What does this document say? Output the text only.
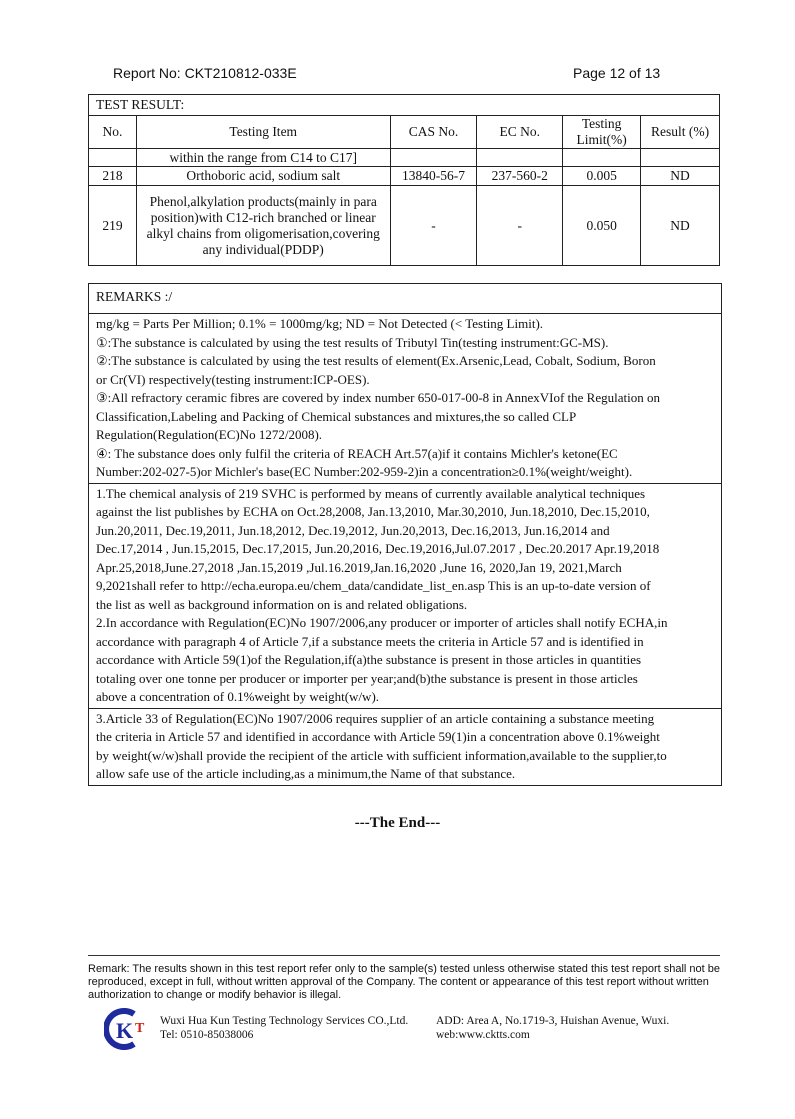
Report No: CKT210812-033E	Page 12 of 13
TEST RESULT:					
No.	Testing Item	CAS No.	EC No.	Testing Limit(%)	Result (%)
	within the range from C14 to C17]				
218	Orthoboric acid, sodium salt	13840-56-7	237-560-2	0.005	ND
219	Phenol,alkylation products(mainly in para position)with C12-rich branched or linear alkyl chains from oligomerisation,covering any individual(PDDP)	-	-	0.050	ND
REMARKS :/
mg/kg = Parts Per Million; 0.1% = 1000mg/kg; ND = Not Detected (< Testing Limit).
①:The substance is calculated by using the test results of Tributyl Tin(testing instrument:GC-MS).
②:The substance is calculated by using the test results of element(Ex.Arsenic,Lead, Cobalt, Sodium, Boron
or Cr(VI) respectively(testing instrument:ICP-OES).
③:All refractory ceramic fibres are covered by index number 650-017-00-8 in AnnexVIof the Regulation on
Classification,Labeling and Packing of Chemical substances and mixtures,the so called CLP
Regulation(Regulation(EC)No 1272/2008).
④: The substance does only fulfil the criteria of REACH Art.57(a)if it contains Michler's ketone(EC
Number:202-027-5)or Michler's base(EC Number:202-959-2)in a concentration≥0.1%(weight/weight).
1.The chemical analysis of 219 SVHC is performed by means of currently available analytical techniques
against the list publishes by ECHA on Oct.28,2008, Jan.13,2010, Mar.30,2010, Jun.18,2010, Dec.15,2010,
Jun.20,2011, Dec.19,2011, Jun.18,2012, Dec.19,2012, Jun.20,2013, Dec.16,2013, Jun.16,2014 and
Dec.17,2014 , Jun.15,2015, Dec.17,2015, Jun.20,2016, Dec.19,2016,Jul.07.2017 , Dec.20.2017 Apr.19,2018
Apr.25,2018,June.27,2018 ,Jan.15,2019 ,Jul.16.2019,Jan.16,2020 ,June 16, 2020,Jan 19, 2021,March
9,2021shall refer to http://echa.europa.eu/chem_data/candidate_list_en.asp This is an up-to-date version of
the list as well as background information on is and related obligations.
2.In accordance with Regulation(EC)No 1907/2006,any producer or importer of articles shall notify ECHA,in
accordance with paragraph 4 of Article 7,if a substance meets the criteria in Article 57 and is identified in
accordance with Article 59(1)of the Regulation,if(a)the substance is present in those articles in quantities
totaling over one tonne per producer or importer per year;and(b)the substance is present in those articles
above a concentration of 0.1%weight by weight(w/w).
3.Article 33 of Regulation(EC)No 1907/2006 requires supplier of an article containing a substance meeting
the criteria in Article 57 and identified in accordance with Article 59(1)in a concentration above 0.1%weight
by weight(w/w)shall provide the recipient of the article with sufficient information,available to the supplier,to
allow safe use of the article including,as a minimum,the Name of that substance.
---The End---
Remark: The results shown in this test report refer only to the sample(s) tested unless otherwise stated this test report shall not be reproduced, except in full, without written approval of the Company. The content or appearance of this test report without written authorization to change or modify behavior is illegal.
K T Wuxi Hua Kun Testing Technology Services CO.,Ltd.
Tel: 0510-85038006
ADD: Area A, No.1719-3, Huishan Avenue, Wuxi.
web:www.cktts.com
